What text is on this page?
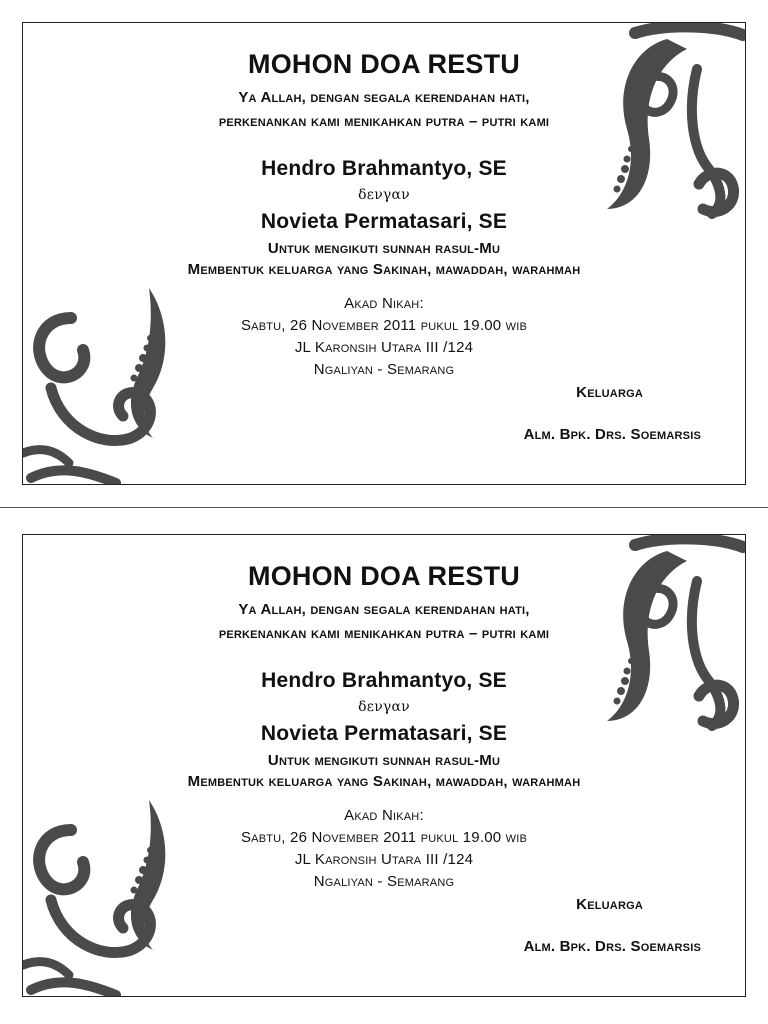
MOHON DOA RESTU
Ya Allah, dengan segala kerendahan hati,
perkenankan kami menikahkan putra – putri kami
Hendro Brahmantyo, SE
δενγαν
Novieta Permatasari, SE
Untuk mengikuti sunnah rasul-Mu
Membentuk keluarga yang Sakinah, mawaddah, warahmah
Akad Nikah:
Sabtu, 26 November 2011 pukul 19.00 wib
JL Karonsih Utara III /124
Ngaliyan - Semarang
Keluarga
Alm. Bpk. Drs. Soemarsis
MOHON DOA RESTU
Ya Allah, dengan segala kerendahan hati,
perkenankan kami menikahkan putra – putri kami
Hendro Brahmantyo, SE
δενγαν
Novieta Permatasari, SE
Untuk mengikuti sunnah rasul-Mu
Membentuk keluarga yang Sakinah, mawaddah, warahmah
Akad Nikah:
Sabtu, 26 November 2011 pukul 19.00 wib
JL Karonsih Utara III /124
Ngaliyan - Semarang
Keluarga
Alm. Bpk. Drs. Soemarsis
